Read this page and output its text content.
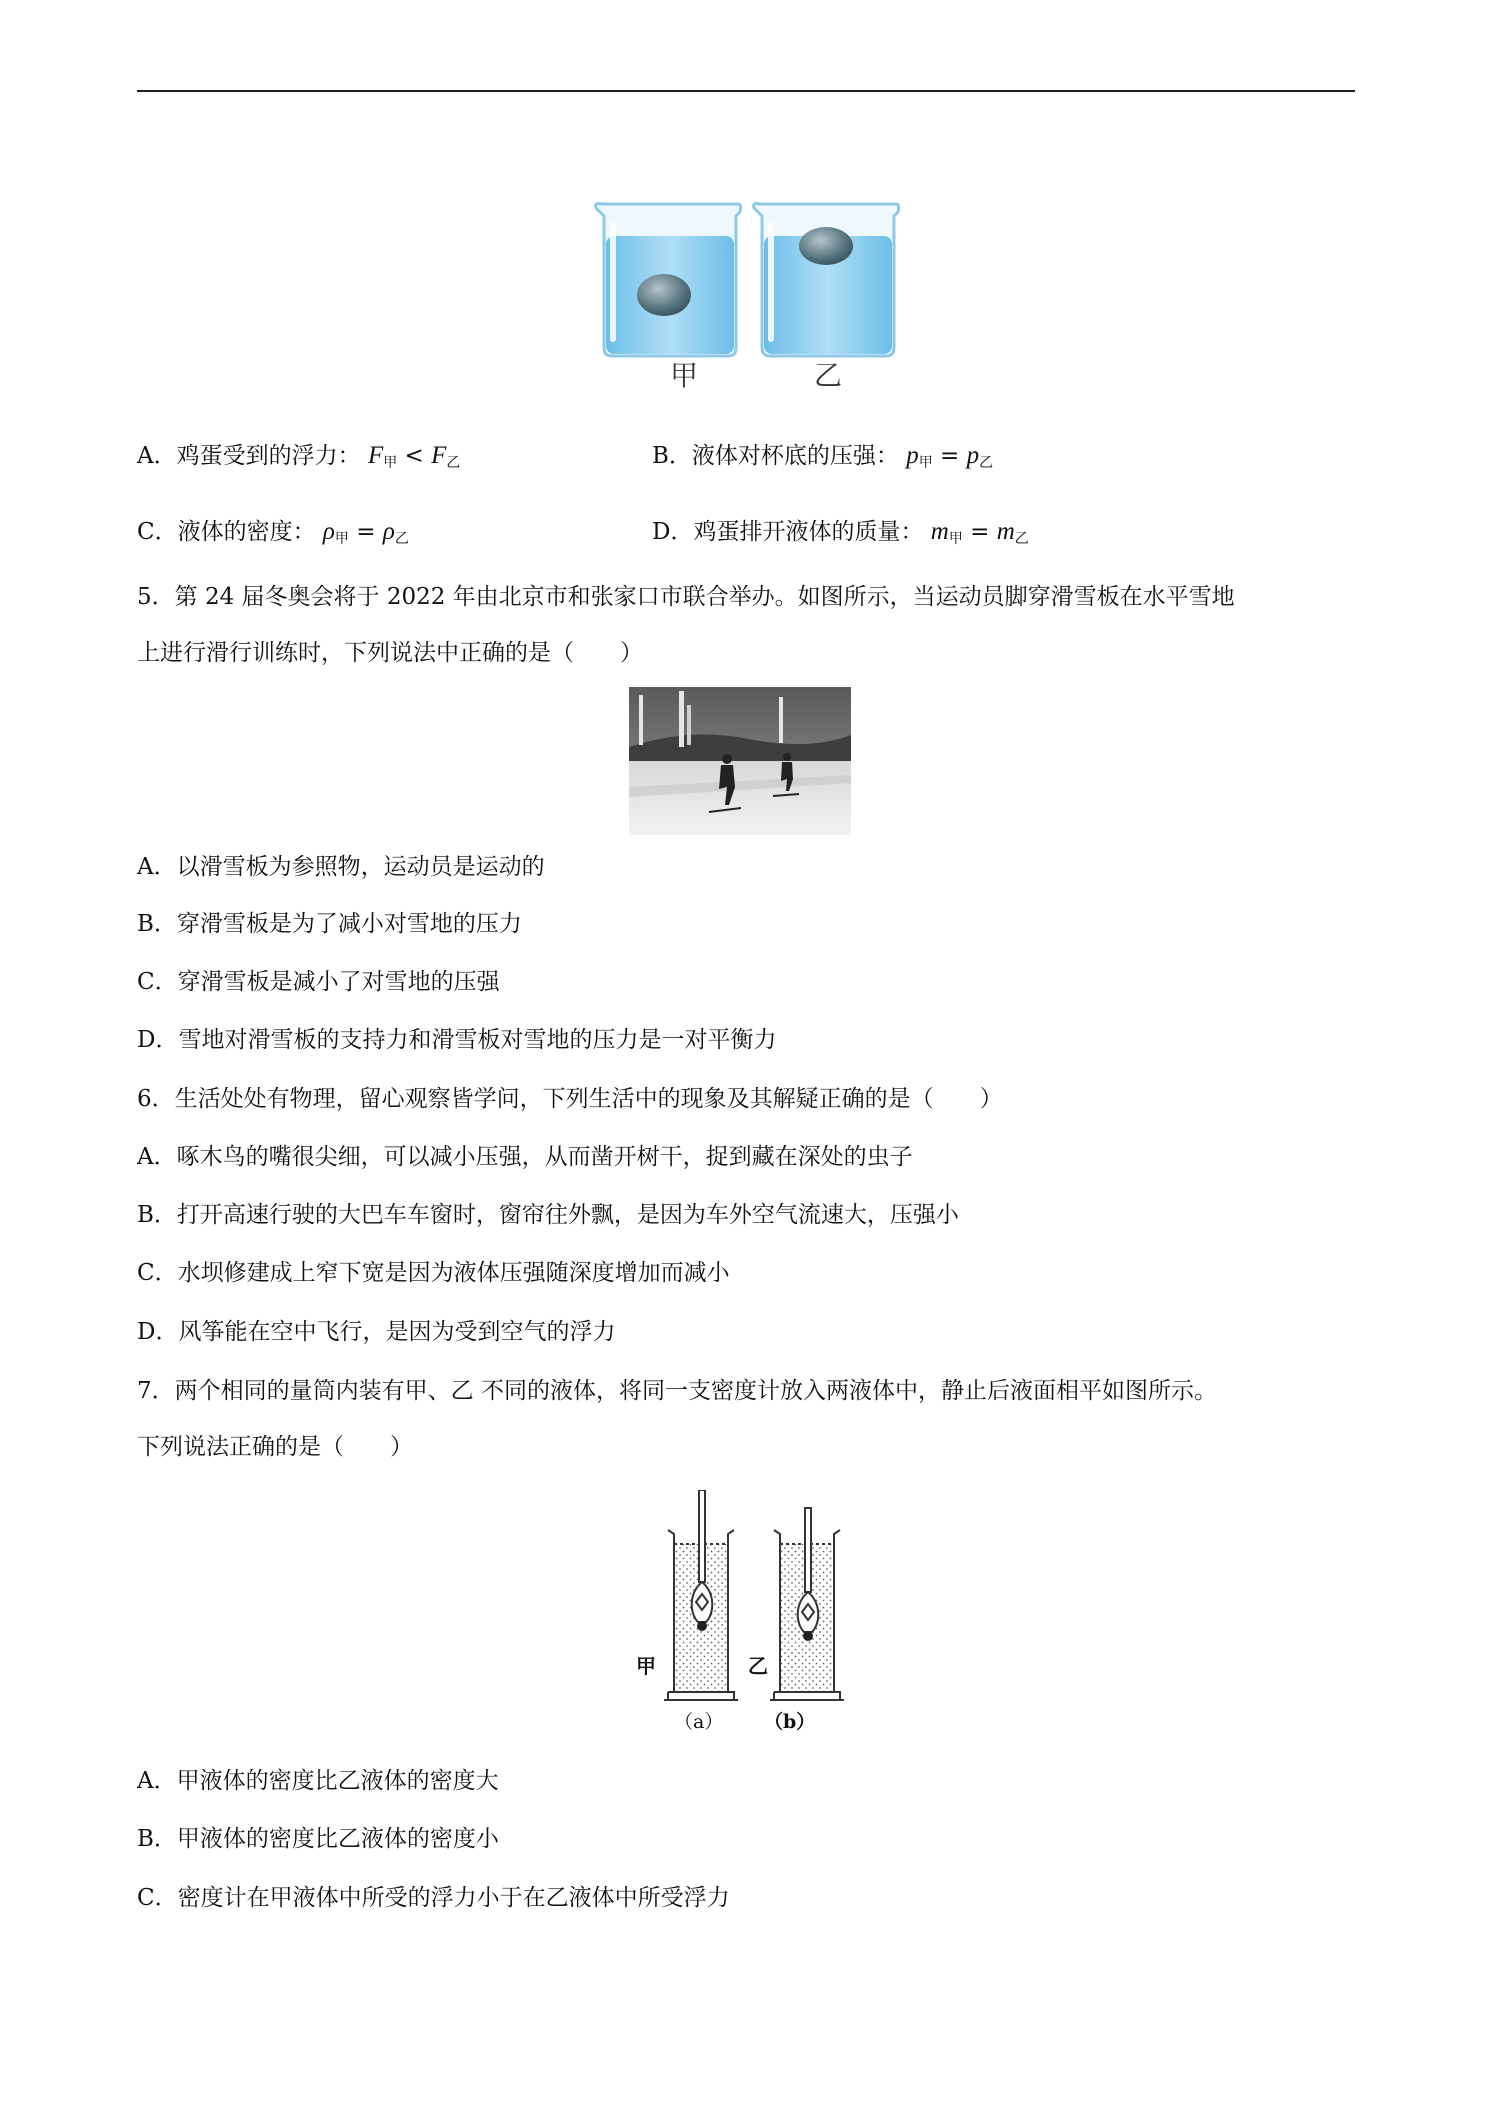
甲	乙
A．鸡蛋受到的浮力： $F_甲 < F_乙$	B．液体对杯底的压强： $p_甲 = p_乙$
C．液体的密度： $\rho_甲 = \rho_乙$	D．鸡蛋排开液体的质量： $m_甲 = m_乙$
5．第 24 届冬奥会将于 2022 年由北京市和张家口市联合举办。如图所示，当运动员脚穿滑雪板在水平雪地
上进行滑行训练时，下列说法中正确的是（　　）
A．以滑雪板为参照物，运动员是运动的
B．穿滑雪板是为了减小对雪地的压力
C．穿滑雪板是减小了对雪地的压强
D．雪地对滑雪板的支持力和滑雪板对雪地的压力是一对平衡力
6．生活处处有物理，留心观察皆学问，下列生活中的现象及其解疑正确的是（　　）
A．啄木鸟的嘴很尖细，可以减小压强，从而凿开树干，捉到藏在深处的虫子
B．打开高速行驶的大巴车车窗时，窗帘往外飘，是因为车外空气流速大，压强小
C．水坝修建成上窄下宽是因为液体压强随深度增加而减小
D．风筝能在空中飞行，是因为受到空气的浮力
7．两个相同的量筒内装有甲、乙 不同的液体，将同一支密度计放入两液体中，静止后液面相平如图所示。
下列说法正确的是（　　）
甲	乙
（a） （b）
A．甲液体的密度比乙液体的密度大
B．甲液体的密度比乙液体的密度小
C．密度计在甲液体中所受的浮力小于在乙液体中所受浮力
